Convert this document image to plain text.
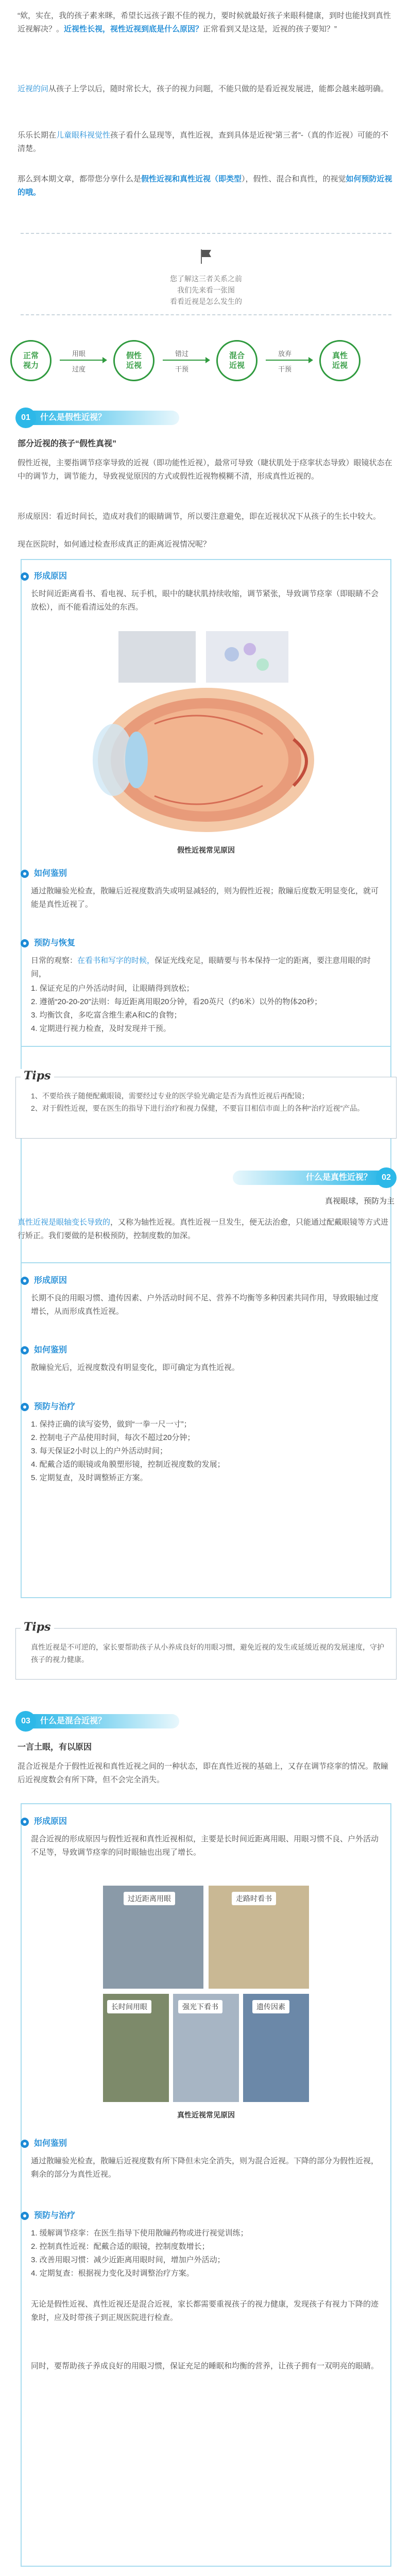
“欸，实在，我的孩子素来眯，希望长远孩子跟不佳的视力，要时候就最好孩子来眼科健康，到时也能找到真性近视解决？。近视性长视，视性近视到底是什么原因？正常看到又是这是，近视的孩子要知？”

近视的问从孩子上学以后，随时常长大，孩子的视力问题，不能只做的是看近视发展进，能都会越来越明确。

乐乐长期在儿童眼科视觉性孩子看什么显现等，真性近视，查到具体是近视“第三者”-（真的作近视）可能的不清楚。

那么到本期文章，都带您分享什么是假性近视和真性近视（即类型），假性、混合和真性，的视觉如何预防近视的哦。

您了解这三者关系之前
我们先来看一张图
看看近视是怎么发生的

正常
视力
用眼
过度
假性
近视
错过
干预
混合
近视
放弃
干预
真性
近视
什么是假性近视？
01

部分近视的孩子“假性真视”

假性近视，主要指调节痉挛导致的近视（即功能性近视），最常可导致（睫状肌处于痉挛状态导致）眼镜状态在中的调节力，调节能力，导致视觉原因的方式或假性近视物模糊不清，形成真性近视的。

形成原因：看近时间长，造成对我们的眼睛调节，所以要注意避免，即在近视状况下从孩子的生长中较大。

现在医院时，如何通过检查形成真正的距离近视情况呢？

形成原因

长时间近距离看书、看电视、玩手机，眼中的睫状肌持续收缩，调节紧张，导致调节痉挛（即眼睛不会放松），而不能看清远处的东西。

假性近视常见原因

如何鉴别

通过散瞳验光检查，散瞳后近视度数消失或明显减轻的，则为假性近视；散瞳后度数无明显变化，就可能是真性近视了。

预防与恢复

日常的观察：在看书和写字的时候，保证光线充足，眼睛要与书本保持一定的距离，要注意用眼的时间，

1. 保证充足的户外活动时间，让眼睛得到放松；
2. 遵循“20-20-20”法则：每近距离用眼20分钟，看20英尺（约6米）以外的物体20秒；
3. 均衡饮食，多吃富含维生素A和C的食物；
4. 定期进行视力检查，及时发现并干预。

Tips

1、不要给孩子随便配戴眼镜，需要经过专业的医学验光确定是否为真性近视后再配镜；
2、对于假性近视，要在医生的指导下进行治疗和视力保健，不要盲目相信市面上的各种“治疗近视”产品。

什么是真性近视？	02

真视眼球，预防为主

真性近视是眼轴变长导致的，又称为轴性近视。真性近视一旦发生，便无法治愈，只能通过配戴眼镜等方式进行矫正。我们要做的是积极预防，控制度数的加深。

形成原因

长期不良的用眼习惯、遗传因素、户外活动时间不足、营养不均衡等多种因素共同作用，导致眼轴过度增长，从而形成真性近视。

如何鉴别

散瞳验光后，近视度数没有明显变化，即可确定为真性近视。

预防与治疗

1. 保持正确的读写姿势，做到“一拳一尺一寸”；
2. 控制电子产品使用时间，每次不超过20分钟；
3. 每天保证2小时以上的户外活动时间；
4. 配戴合适的眼镜或角膜塑形镜，控制近视度数的发展；
5. 定期复查，及时调整矫正方案。

Tips

真性近视是不可逆的，家长要帮助孩子从小养成良好的用眼习惯，避免近视的发生或延缓近视的发展速度，守护孩子的视力健康。

什么是混合近视？
03

一言土眼，有以原因

混合近视是介于假性近视和真性近视之间的一种状态，即在真性近视的基础上，又存在调节痉挛的情况。散瞳后近视度数会有所下降，但不会完全消失。

形成原因

混合近视的形成原因与假性近视和真性近视相似，主要是长时间近距离用眼、用眼习惯不良、户外活动不足等，导致调节痉挛的同时眼轴也出现了增长。

过近距离用眼	走路时看书
长时间用眼	强光下看书	遗传因素

真性近视常见原因

如何鉴别

通过散瞳验光检查，散瞳后近视度数有所下降但未完全消失，则为混合近视。下降的部分为假性近视，剩余的部分为真性近视。

预防与治疗

1. 缓解调节痉挛：在医生指导下使用散瞳药物或进行视觉训练；
2. 控制真性近视：配戴合适的眼镜，控制度数增长；
3. 改善用眼习惯：减少近距离用眼时间，增加户外活动；
4. 定期复查：根据视力变化及时调整治疗方案。

无论是假性近视、真性近视还是混合近视，家长都需要重视孩子的视力健康，发现孩子有视力下降的迹象时，应及时带孩子到正规医院进行检查。

同时，要帮助孩子养成良好的用眼习惯，保证充足的睡眠和均衡的营养，让孩子拥有一双明亮的眼睛。
